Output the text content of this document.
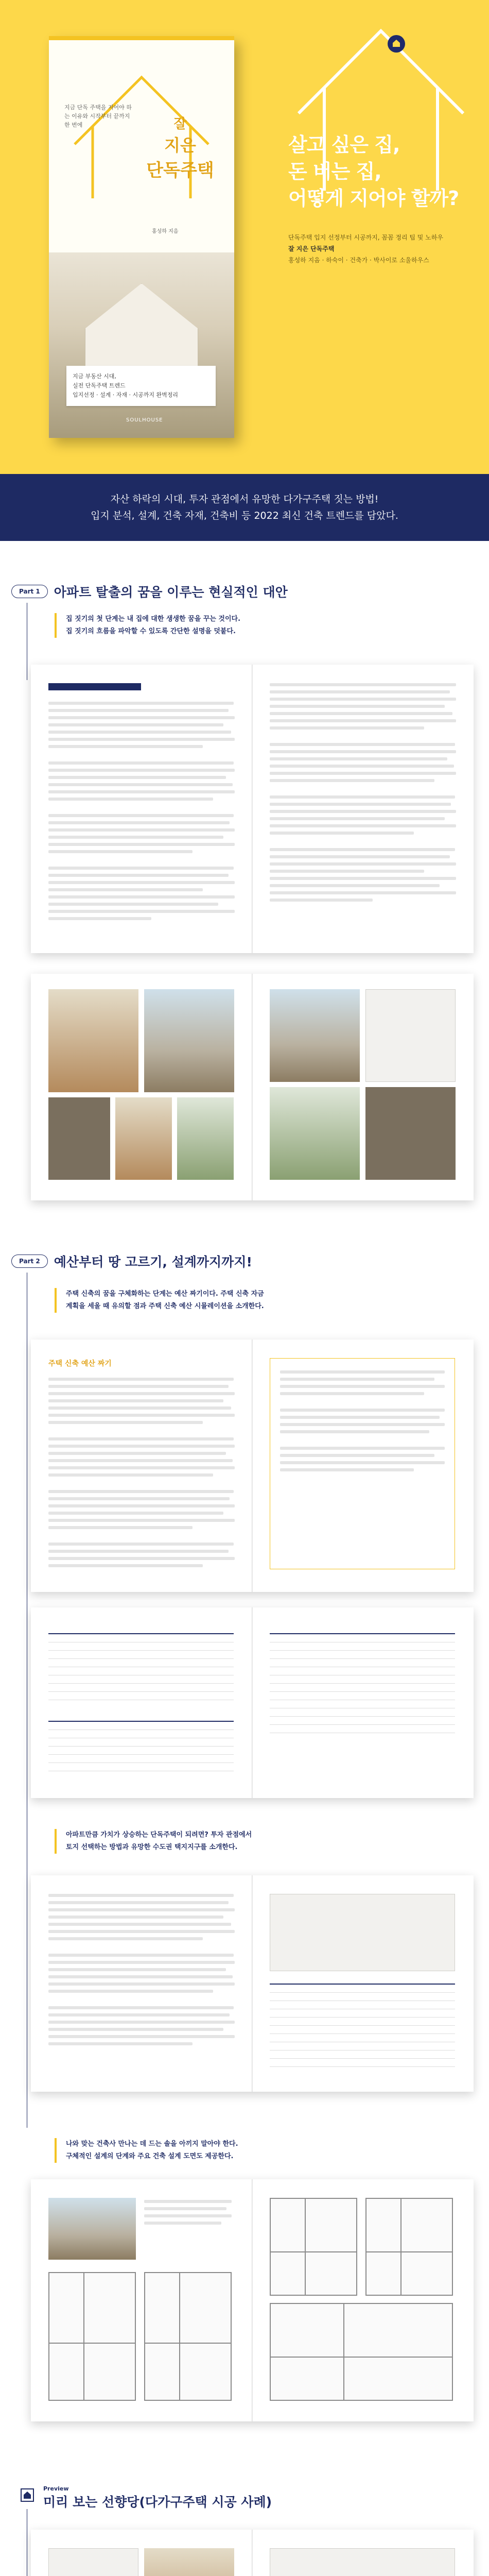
살고 싶은 집,

돈 버는 집,

어떻게 지어야 할까?

단독주택 입지 선정부터 시공까지, 꼼꼼 정리 팁 및 노하우
잘 지은 단독주택
홍성하 지음 · 하숙이 · 건축가 · 박사이로 소울하우스
지금 단독 주택을 지어야 하는 이유와 시작부터 끝까지 한 번에	잘
지은
단독주택
홍성하 지음
지금 부동산 시대,
실전 단독주택 트렌드
입지선정 · 설계 · 자재 · 시공까지 완벽정리
SOULHOUSE

자산 하락의 시대, 투자 관점에서 유망한 다가구주택 짓는 방법!

입지 분석, 설계, 건축 자재, 건축비 등 2022 최신 건축 트렌드를 담았다.

Part 1	아파트 탈출의 꿈을 이루는 현실적인 대안
집 짓기의 첫 단계는 내 집에 대한 생생한 꿈을 꾸는 것이다.
집 짓기의 흐름을 파악할 수 있도록 간단한 설명을 덧붙다.
Part 2	예산부터 땅 고르기, 설계까지까지!
주택 신축의 꿈을 구체화하는 단계는 예산 짜기이다. 주택 신축 자금
계획을 세울 때 유의할 점과 주택 신축 예산 시뮬레이션을 소개한다.
주택 신축 예산 짜기
아파트만큼 가치가 상승하는 단독주택이 되려면? 투자 관점에서
토지 선택하는 방법과 유망한 수도권 택지지구를 소개한다.
나와 맞는 건축사 만나는 데 드는 솔을 아끼지 말아야 한다.
구체적인 설계의 단계와 주요 건축 설계 도면도 제공한다.
Preview
미리 보는 선향당(다가구주택 시공 사례)
